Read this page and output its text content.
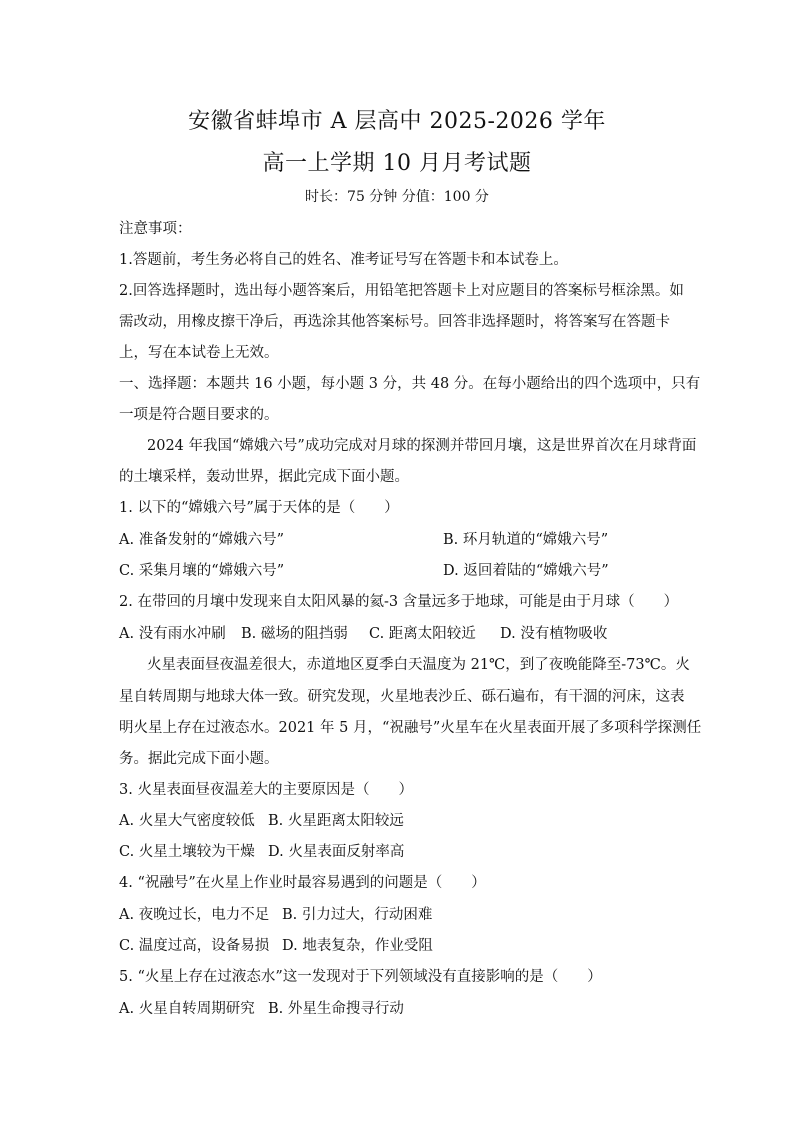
安徽省蚌埠市 A 层高中 2025-2026 学年
高一上学期 10 月月考试题
时长：75 分钟 分值：100 分
注意事项：
1.答题前，考生务必将自己的姓名、准考证号写在答题卡和本试卷上。
2.回答选择题时，选出每小题答案后，用铅笔把答题卡上对应题目的答案标号框涂黑。如
需改动，用橡皮擦干净后，再选涂其他答案标号。回答非选择题时，将答案写在答题卡
上，写在本试卷上无效。
一、选择题：本题共 16 小题，每小题 3 分，共 48 分。在每小题给出的四个选项中，只有
一项是符合题目要求的。
2024 年我国“嫦娥六号”成功完成对月球的探测并带回月壤，这是世界首次在月球背面
的土壤采样，轰动世界，据此完成下面小题。
1. 以下的“嫦娥六号”属于天体的是（　　）
A. 准备发射的“嫦娥六号”	B. 环月轨道的“嫦娥六号”
C. 采集月壤的“嫦娥六号”	D. 返回着陆的“嫦娥六号”
2. 在带回的月壤中发现来自太阳风暴的氦-3 含量远多于地球，可能是由于月球（　　）
A. 没有雨水冲刷 B. 磁场的阻挡弱 C. 距离太阳较近 D. 没有植物吸收
火星表面昼夜温差很大，赤道地区夏季白天温度为 21℃，到了夜晚能降至-73℃。火
星自转周期与地球大体一致。研究发现，火星地表沙丘、砾石遍布，有干涸的河床，这表
明火星上存在过液态水。2021 年 5 月，“祝融号”火星车在火星表面开展了多项科学探测任
务。据此完成下面小题。
3. 火星表面昼夜温差大的主要原因是（　　）
A. 火星大气密度较低 B. 火星距离太阳较远
C. 火星土壤较为干燥 D. 火星表面反射率高
4. “祝融号”在火星上作业时最容易遇到的问题是（　　）
A. 夜晚过长，电力不足 B. 引力过大，行动困难
C. 温度过高，设备易损 D. 地表复杂，作业受阻
5. “火星上存在过液态水”这一发现对于下列领域没有直接影响的是（　　）
A. 火星自转周期研究 B. 外星生命搜寻行动
